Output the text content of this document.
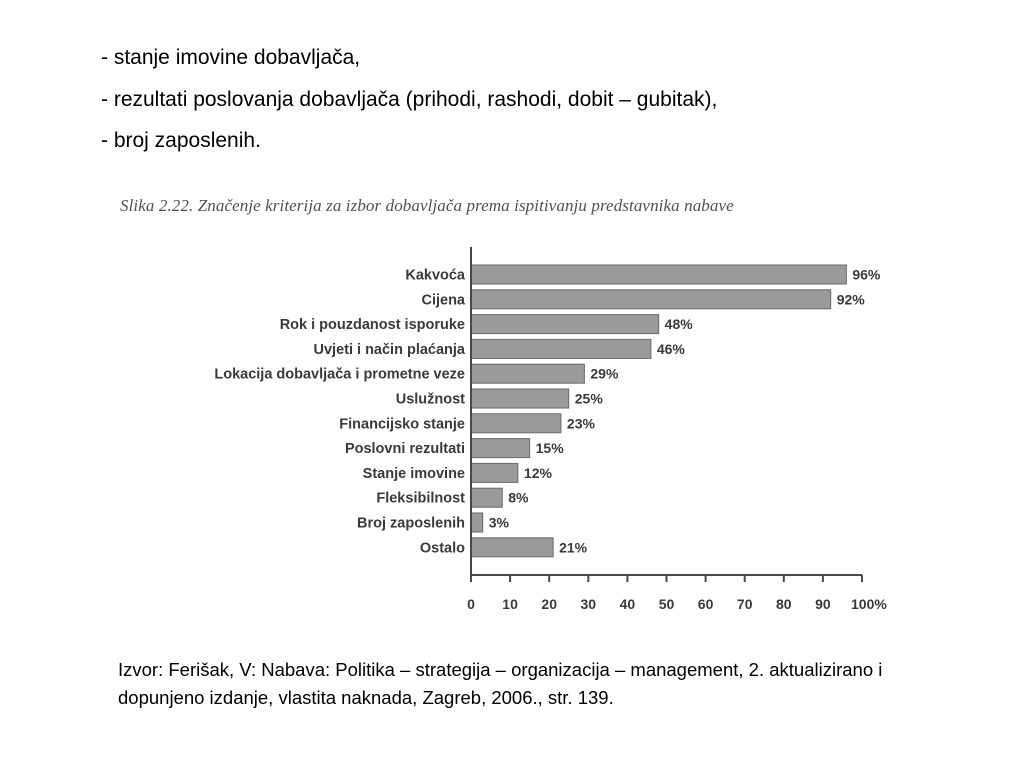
- stanje imovine dobavljača,
- rezultati poslovanja dobavljača (prihodi, rashodi, dobit – gubitak),
- broj zaposlenih.
Slika 2.22. Značenje kriterija za izbor dobavljača prema ispitivanju predstavnika nabave
Kakvoća	96%
Cijena	92%
Rok i pouzdanost isporuke	48%
Uvjeti i način plaćanja	46%
Lokacija dobavljača i prometne veze	29%
Uslužnost	25%
Financijsko stanje	23%
Poslovni rezultati	15%
Stanje imovine	12%
Fleksibilnost	8%
Broj zaposlenih 3%
Ostalo	21%
0 10 20 30 40 50 60 70 80 90 100%

Izvor: Ferišak, V: Nabava: Politika – strategija – organizacija – management, 2. aktualizirano i dopunjeno izdanje, vlastita naknada, Zagreb, 2006., str. 139.
